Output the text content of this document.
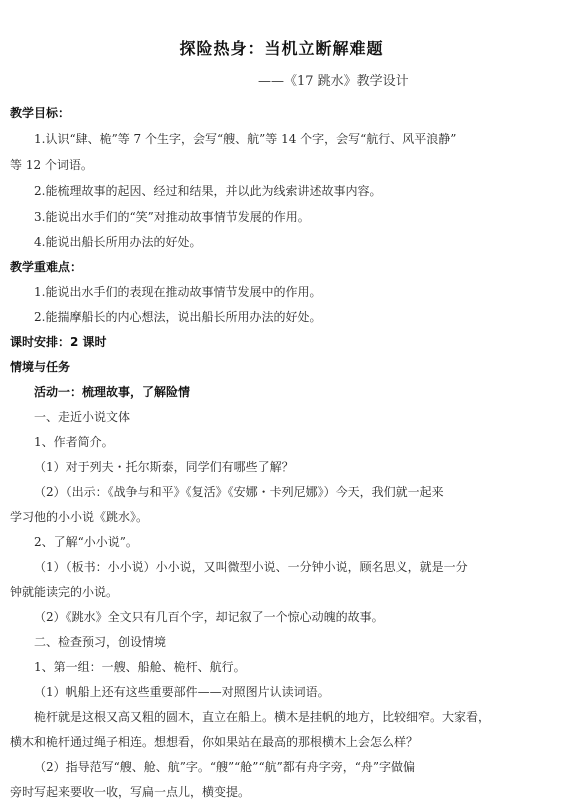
探险热身：当机立断解难题
——《17 跳水》教学设计
教学目标：
1.认识“肆、桅”等 7 个生字，会写“艘、航”等 14 个字，会写“航行、风平浪静”
等 12 个词语。
2.能梳理故事的起因、经过和结果，并以此为线索讲述故事内容。
3.能说出水手们的“笑”对推动故事情节发展的作用。
4.能说出船长所用办法的好处。
教学重难点：
1.能说出水手们的表现在推动故事情节发展中的作用。
2.能揣摩船长的内心想法，说出船长所用办法的好处。
课时安排：2 课时
情境与任务
活动一：梳理故事，了解险情
一、走近小说文体
1、作者简介。
（1）对于列夫・托尔斯泰，同学们有哪些了解？
（2）（出示：《战争与和平》《复活》《安娜・卡列尼娜》）今天，我们就一起来
学习他的小小说《跳水》。
2、了解“小小说”。
（1）（板书：小小说）小小说，又叫微型小说、一分钟小说，顾名思义，就是一分
钟就能读完的小说。
（2）《跳水》全文只有几百个字，却记叙了一个惊心动魄的故事。
二、检查预习，创设情境
1、第一组：一艘、船舱、桅杆、航行。
（1）帆船上还有这些重要部件——对照图片认读词语。
桅杆就是这根又高又粗的圆木，直立在船上。横木是挂帆的地方，比较细窄。大家看，
横木和桅杆通过绳子相连。想想看，你如果站在最高的那根横木上会怎么样？
（2）指导范写“艘、舱、航”字。“艘”“舱”“航”都有舟字旁，“舟”字做偏
旁时写起来要收一收，写扁一点儿，横变提。
